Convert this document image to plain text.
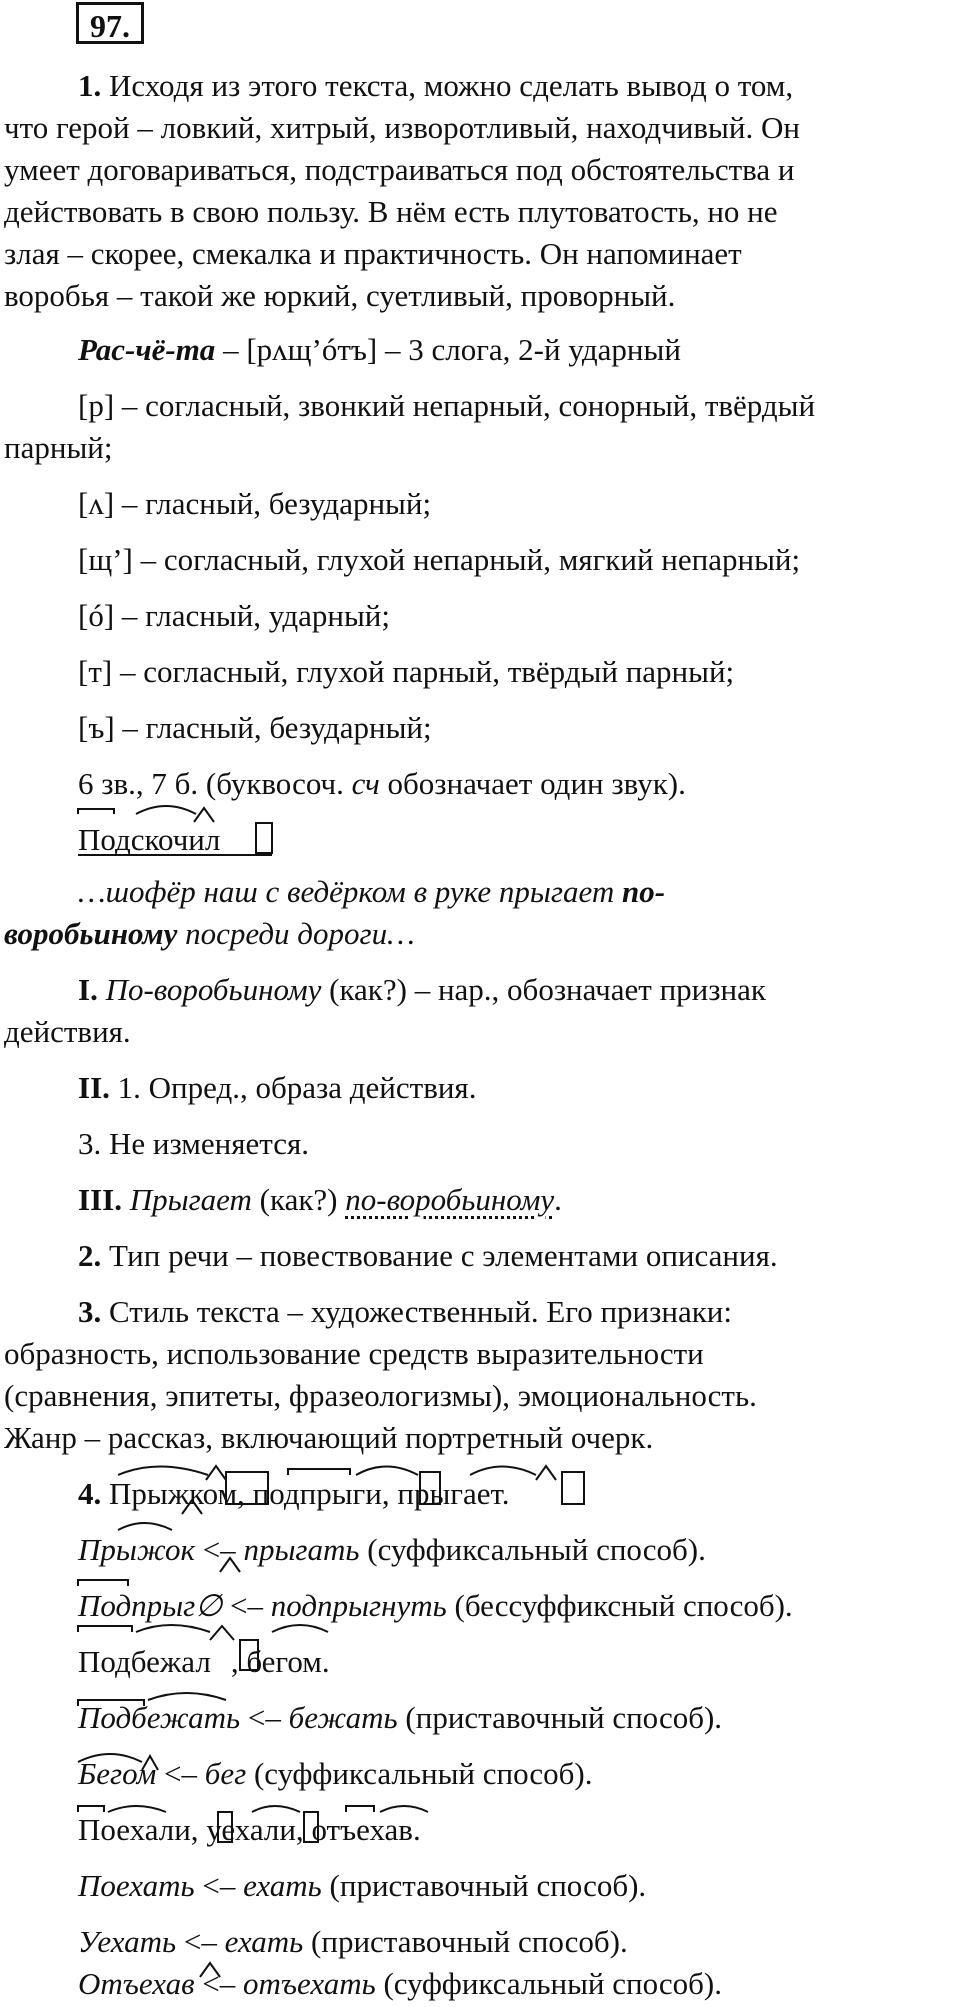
97.
1. Исходя из этого текста, можно сделать вывод о том,
что герой – ловкий, хитрый, изворотливый, находчивый. Он
умеет договариваться, подстраиваться под обстоятельства и
действовать в свою пользу. В нём есть плутоватость, но не
злая – скорее, смекалка и практичность. Он напоминает
воробья – такой же юркий, суетливый, проворный.
Рас-чё-та – [рʌщ’óтъ] – 3 слога, 2-й ударный
[р] – согласный, звонкий непарный, сонорный, твёрдый
парный;
[ʌ] – гласный, безударный;
[щ’] – согласный, глухой непарный, мягкий непарный;
[ó] – гласный, ударный;
[т] – согласный, глухой парный, твёрдый парный;
[ъ] – гласный, безударный;
6 зв., 7 б. (буквосоч. сч обозначает один звук).
Подскочил
…шофёр наш с ведёрком в руке прыгает по-
воробьиному посреди дороги…
I. По-воробьиному (как?) – нар., обозначает признак
действия.
II. 1. Опред., образа действия.
3. Не изменяется.
III. Прыгает (как?) по-воробьиному.
2. Тип речи – повествование с элементами описания.
3. Стиль текста – художественный. Его признаки:
образность, использование средств выразительности
(сравнения, эпитеты, фразеологизмы), эмоциональность.
Жанр – рассказ, включающий портретный очерк.
4. Прыжком, подпрыги, прыгает.
Прыжок <– прыгать (суффиксальный способ).
Подпрыг∅ <– подпрыгнуть (бессуффиксный способ).
Подбежал , бегом.
Подбежать <– бежать (приставочный способ).
Бегом <– бег (суффиксальный способ).
Поехали, уехали, отъехав.
Поехать <– ехать (приставочный способ).
Уехать <– ехать (приставочный способ).
Отъехав <– отъехать (суффиксальный способ).
